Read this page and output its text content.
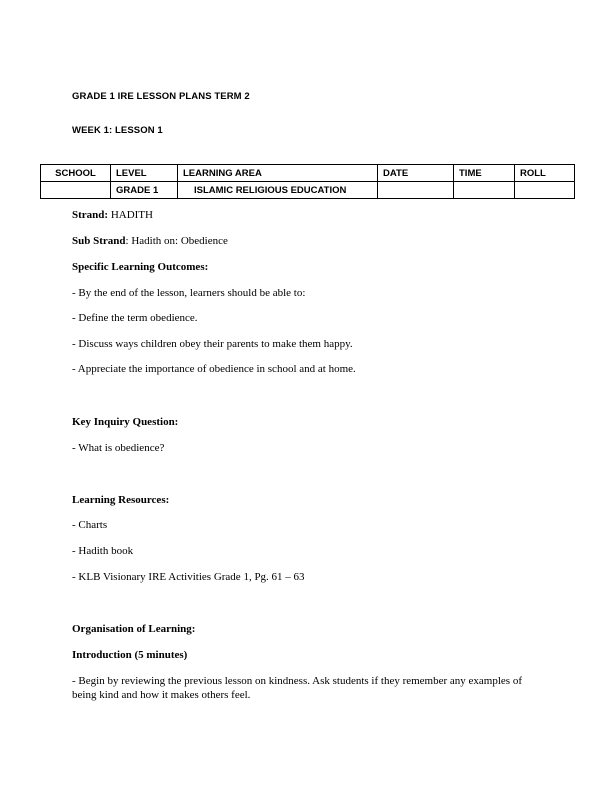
GRADE 1 IRE LESSON PLANS TERM 2
WEEK 1: LESSON 1
SCHOOL	LEVEL	LEARNING AREA	DATE	TIME	ROLL
	GRADE 1	ISLAMIC RELIGIOUS EDUCATION			
Strand: HADITH
Sub Strand: Hadith on: Obedience
Specific Learning Outcomes:
- By the end of the lesson, learners should be able to:
- Define the term obedience.
- Discuss ways children obey their parents to make them happy.
- Appreciate the importance of obedience in school and at home.
Key Inquiry Question:
- What is obedience?
Learning Resources:
- Charts
- Hadith book
- KLB Visionary IRE Activities Grade 1, Pg. 61 – 63
Organisation of Learning:
Introduction (5 minutes)
- Begin by reviewing the previous lesson on kindness. Ask students if they remember any examples of being kind and how it makes others feel.
